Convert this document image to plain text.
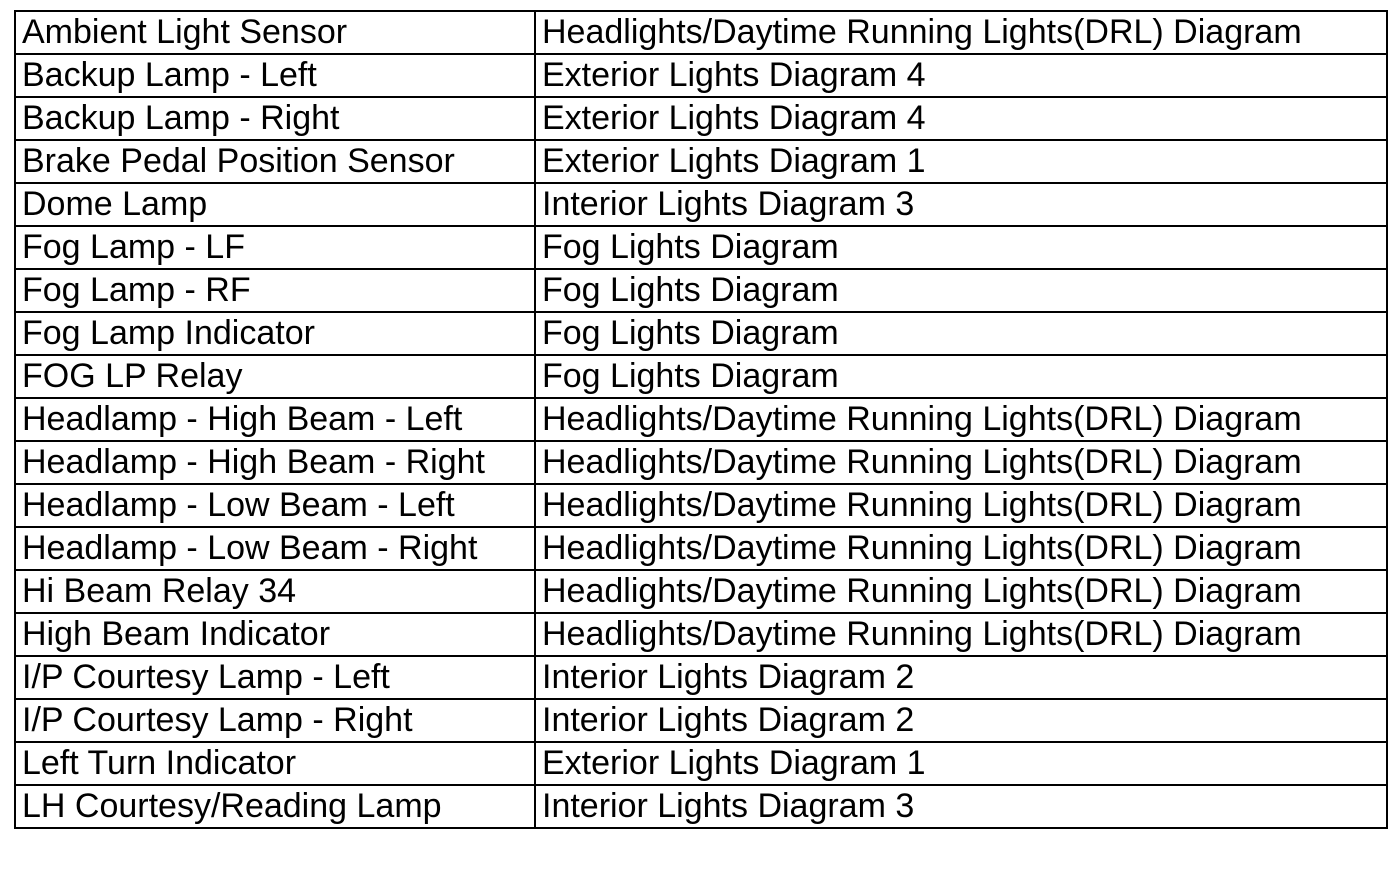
Ambient Light Sensor	Headlights/Daytime Running Lights(DRL) Diagram
Backup Lamp - Left	Exterior Lights Diagram 4
Backup Lamp - Right	Exterior Lights Diagram 4
Brake Pedal Position Sensor	Exterior Lights Diagram 1
Dome Lamp	Interior Lights Diagram 3
Fog Lamp - LF	Fog Lights Diagram
Fog Lamp - RF	Fog Lights Diagram
Fog Lamp Indicator	Fog Lights Diagram
FOG LP Relay	Fog Lights Diagram
Headlamp - High Beam - Left	Headlights/Daytime Running Lights(DRL) Diagram
Headlamp - High Beam - Right	Headlights/Daytime Running Lights(DRL) Diagram
Headlamp - Low Beam - Left	Headlights/Daytime Running Lights(DRL) Diagram
Headlamp - Low Beam - Right	Headlights/Daytime Running Lights(DRL) Diagram
Hi Beam Relay 34	Headlights/Daytime Running Lights(DRL) Diagram
High Beam Indicator	Headlights/Daytime Running Lights(DRL) Diagram
I/P Courtesy Lamp - Left	Interior Lights Diagram 2
I/P Courtesy Lamp - Right	Interior Lights Diagram 2
Left Turn Indicator	Exterior Lights Diagram 1
LH Courtesy/Reading Lamp	Interior Lights Diagram 3
